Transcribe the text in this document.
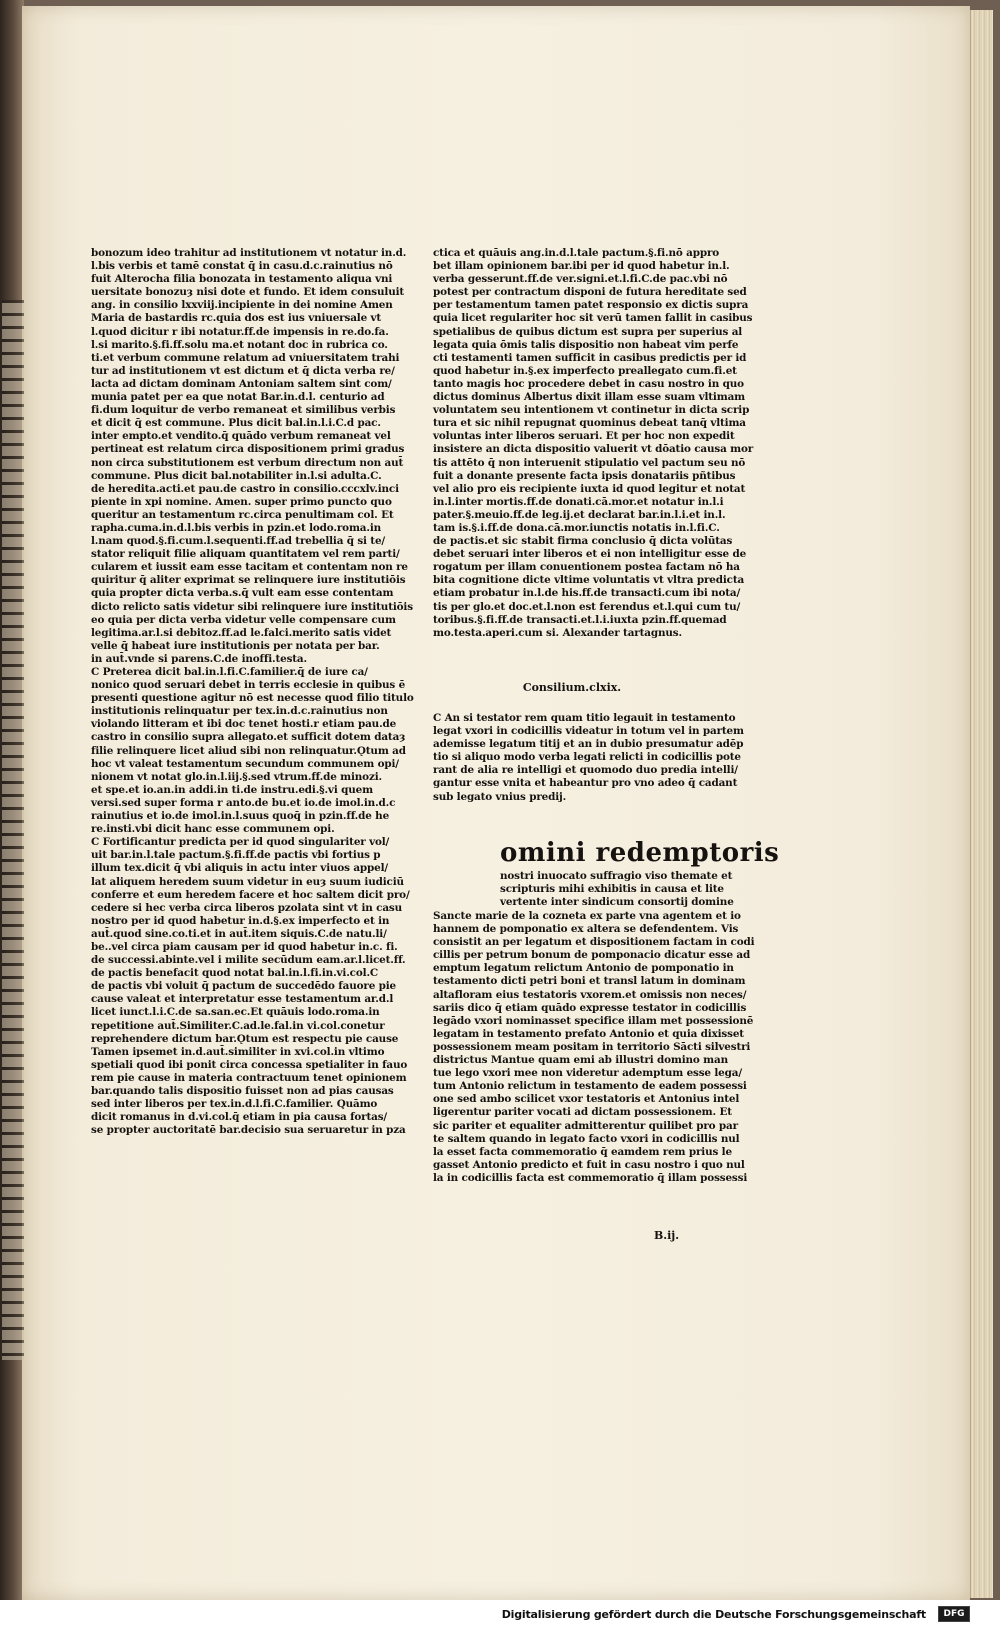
bonozum ideo trahitur ad institutionem vt notatur in.d.
l.bis verbis et tamē constat q̄ in casu.d.c.rainutius nō
fuit Alterocha filia bonozata in testamento aliqua vni
uersitate bonozuȝ nisi dote et fundo. Et idem consuluit
ang. in consilio lxxviij.incipiente in dei nomine Amen
Maria de bastardis rc.quia dos est ius vniuersale vt
l.quod dicitur r ibi notatur.ff.de impensis in re.do.fa.
l.si marito.§.fi.ff.solu ma.et notant doc in rubrica co.
ti.et verbum commune relatum ad vniuersitatem trahi
tur ad institutionem vt est dictum et q̄ dicta verba re/
lacta ad dictam dominam Antoniam saltem sint com/
munia patet per ea que notat Bar.in.d.l. centurio ad
fi.dum loquitur de verbo remaneat et similibus verbis
et dicit q̄ est commune. Plus dicit bal.in.l.i.C.d pac.
inter empto.et vendito.q̄ quādo verbum remaneat vel
pertineat est relatum circa dispositionem primi gradus
non circa substitutionem est verbum directum non aut̄
commune. Plus dicit bal.notabiliter in.l.si adulta.C.
de heredita.acti.et pau.de castro in consilio.cccxlv.inci
piente in xpi nomine. Amen. super primo puncto quo
queritur an testamentum rc.circa penultimam col. Et
rapha.cuma.in.d.l.bis verbis in pzin.et lodo.roma.in
l.nam quod.§.fi.cum.l.sequenti.ff.ad trebellia q̄ si te/
stator reliquit filie aliquam quantitatem vel rem parti/
cularem et iussit eam esse tacitam et contentam non re
quiritur q̄ aliter exprimat se relinquere iure institutiōis
quia propter dicta verba.s.q̄ vult eam esse contentam
dicto relicto satis videtur sibi relinquere iure institutiōis
eo quia per dicta verba videtur velle compensare cum
legitima.ar.l.si debitoz.ff.ad le.falci.merito satis videt
velle q̄ habeat iure institutionis per notata per bar.
in aut̄.vnde si parens.C.de inoffi.testa.
C Preterea dicit bal.in.l.fi.C.familier.q̄ de iure ca/
nonico quod seruari debet in terris ecclesie in quibus ē
presenti questione agitur nō est necesse quod filio titulo
institutionis relinquatur per tex.in.d.c.rainutius non
violando litteram et ibi doc tenet hosti.r etiam pau.de
castro in consilio supra allegato.et sufficit dotem dataȝ
filie relinquere licet aliud sibi non relinquatur.Ǫtum ad
hoc vt valeat testamentum secundum communem opi/
nionem vt notat glo.in.l.iij.§.sed vtrum.ff.de minozi.
et spe.et io.an.in addi.in ti.de instru.edi.§.vi quem
versi.sed super forma r anto.de bu.et io.de imol.in.d.c
rainutius et io.de imol.in.l.suus quoq̄ in pzin.ff.de he
re.insti.vbi dicit hanc esse communem opi.
C Fortificantur predicta per id quod singulariter vol/
uit bar.in.l.tale pactum.§.fi.ff.de pactis vbi fortius p
illum tex.dicit q̄ vbi aliquis in actu inter viuos appel/
lat aliquem heredem suum videtur in euȝ suum iudiciū
conferre et eum heredem facere et hoc saltem dicit pro/
cedere si hec verba circa liberos pzolata sint vt in casu
nostro per id quod habetur in.d.§.ex imperfecto et in
aut̄.quod sine.co.ti.et in aut̄.item siquis.C.de natu.li/
be..vel circa piam causam per id quod habetur in.c. fi.
de successi.abinte.vel i milite secūdum eam.ar.l.licet.ff.
de pactis benefacit quod notat bal.in.l.fi.in.vi.col.C
de pactis vbi voluit q̄ pactum de succedēdo fauore pie
cause valeat et interpretatur esse testamentum ar.d.l
licet iunct.l.i.C.de sa.san.ec.Et quāuis lodo.roma.in
repetitione aut̄.Similiter.C.ad.le.fal.in vi.col.conetur
reprehendere dictum bar.Ǫtum est respectu pie cause
Tamen ipsemet in.d.aut̄.similiter in xvi.col.in vltimo
spetiali quod ibi ponit circa concessa spetialiter in fauo
rem pie cause in materia contractuum tenet opinionem
bar.quando talis dispositio fuisset non ad pias causas
sed inter liberos per tex.in.d.l.fi.C.familier. Quāmo
dicit romanus in d.vi.col.q̄ etiam in pia causa fortas/
se propter auctoritatē bar.decisio sua seruaretur in pza
ctica et quāuis ang.in.d.l.tale pactum.§.fi.nō appro
bet illam opinionem bar.ibi per id quod habetur in.l.
verba gesserunt.ff.de ver.signi.et.l.fi.C.de pac.vbi nō
potest per contractum disponi de futura hereditate sed
per testamentum tamen patet responsio ex dictis supra
quia licet regulariter hoc sit verū tamen fallit in casibus
spetialibus de quibus dictum est supra per superius al
legata quia ōmis talis dispositio non habeat vim perfe
cti testamenti tamen sufficit in casibus predictis per id
quod habetur in.§.ex imperfecto preallegato cum.fi.et
tanto magis hoc procedere debet in casu nostro in quo
dictus dominus Albertus dixit illam esse suam vltimam
voluntatem seu intentionem vt continetur in dicta scrip
tura et sic nihil repugnat quominus debeat tanq̄ vltima
voluntas inter liberos seruari. Et per hoc non expedit
insistere an dicta dispositio valuerit vt dōatio causa mor
tis attēto q̄ non interuenit stipulatio vel pactum seu nō
fuit a donante presente facta ipsis donatariis pñtibus
vel alio pro eis recipiente iuxta id quod legitur et notat
in.l.inter mortis.ff.de donati.cā.mor.et notatur in.l.i
pater.§.meuio.ff.de leg.ij.et declarat bar.in.l.i.et in.l.
tam is.§.i.ff.de dona.cā.mor.iunctis notatis in.l.fi.C.
de pactis.et sic stabit firma conclusio q̄ dicta volūtas
debet seruari inter liberos et ei non intelligitur esse de
rogatum per illam conuentionem postea factam nō ha
bita cognitione dicte vltime voluntatis vt vltra predicta
etiam probatur in.l.de his.ff.de transacti.cum ibi nota/
tis per glo.et doc.et.l.non est ferendus et.l.qui cum tu/
toribus.§.fi.ff.de transacti.et.l.i.iuxta pzin.ff.quemad
mo.testa.aperi.cum si. Alexander tartagnus.
Consilium.clxix.
C An si testator rem quam titio legauit in testamento
legat vxori in codicillis videatur in totum vel in partem
ademisse legatum titij et an in dubio presumatur adēp
tio si aliquo modo verba legati relicti in codicillis pote
rant de alia re intelligi et quomodo duo predia intelli/
gantur esse vnita et habeantur pro vno adeo q̄ cadant
sub legato vnius predij.
omini redemptoris
nostri inuocato suffragio viso themate et
scripturis mihi exhibitis in causa et lite
vertente inter sindicum consortij domine
Sancte marie de la cozneta ex parte vna agentem et io
hannem de pomponatio ex altera se defendentem. Vis
consistit an per legatum et dispositionem factam in codi
cillis per petrum bonum de pomponacio dicatur esse ad
emptum legatum relictum Antonio de pomponatio in
testamento dicti petri boni et transl latum in dominam
altafloram eius testatoris vxorem.et omissis non neces/
sariis dico q̄ etiam quādo expresse testator in codicillis
legādo vxori nominasset specifice illam met possessionē
legatam in testamento prefato Antonio et quia dixisset
possessionem meam positam in territorio Sācti silvestri
districtus Mantue quam emi ab illustri domino man
tue lego vxori mee non videretur ademptum esse lega/
tum Antonio relictum in testamento de eadem possessi
one sed ambo scilicet vxor testatoris et Antonius intel
ligerentur pariter vocati ad dictam possessionem. Et
sic pariter et equaliter admitterentur quilibet pro par
te saltem quando in legato facto vxori in codicillis nul
la esset facta commemoratio q̄ eamdem rem prius le
gasset Antonio predicto et fuit in casu nostro i quo nul
la in codicillis facta est commemoratio q̄ illam possessi
B.ij.
Digitalisierung gefördert durch die Deutsche Forschungsgemeinschaft	DFG
